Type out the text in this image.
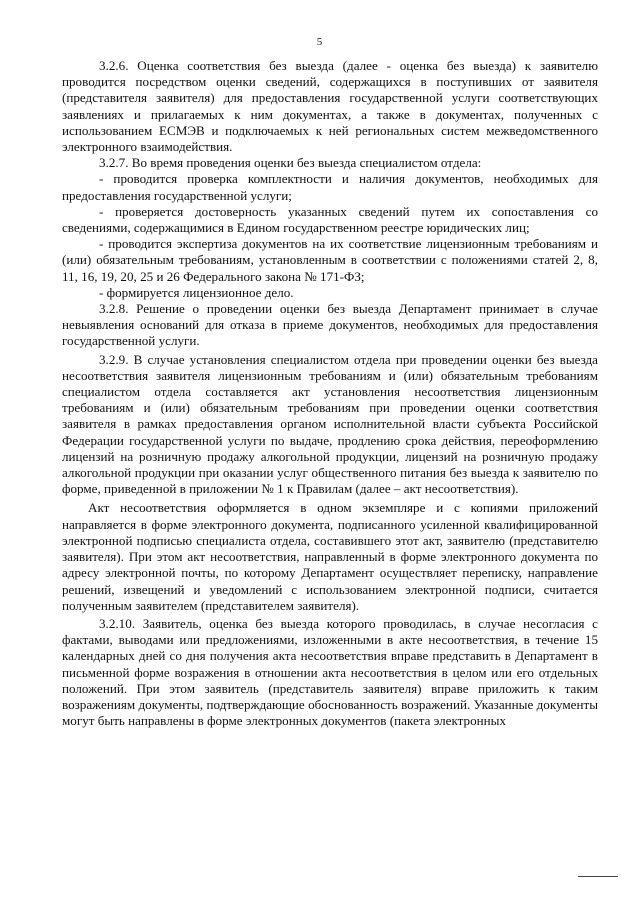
5

3.2.6. Оценка соответствия без выезда (далее - оценка без выезда) к заявителю проводится посредством оценки сведений, содержащихся в поступивших от заявителя (представителя заявителя) для предоставления государственной услуги соответствующих заявлениях и прилагаемых к ним документах, а также в документах, полученных с использованием ЕСМЭВ и подключаемых к ней региональных систем межведомственного электронного взаимодействия.

3.2.7. Во время проведения оценки без выезда специалистом отдела:

- проводится проверка комплектности и наличия документов, необходимых для предоставления государственной услуги;

- проверяется достоверность указанных сведений путем их сопоставления со сведениями, содержащимися в Едином государственном реестре юридических лиц;

- проводится экспертиза документов на их соответствие лицензионным требованиям и (или) обязательным требованиям, установленным в соответствии с положениями статей 2, 8, 11, 16, 19, 20, 25 и 26 Федерального закона № 171-ФЗ;

- формируется лицензионное дело.

3.2.8. Решение о проведении оценки без выезда Департамент принимает в случае невыявления оснований для отказа в приеме документов, необходимых для предоставления государственной услуги.

3.2.9. В случае установления специалистом отдела при проведении оценки без выезда несоответствия заявителя лицензионным требованиям и (или) обязательным требованиям специалистом отдела составляется акт установления несоответствия лицензионным требованиям и (или) обязательным требованиям при проведении оценки соответствия заявителя в рамках предоставления органом исполнительной власти субъекта Российской Федерации государственной услуги по выдаче, продлению срока действия, переоформлению лицензий на розничную продажу алкогольной продукции, лицензий на розничную продажу алкогольной продукции при оказании услуг общественного питания без выезда к заявителю по форме, приведенной в приложении № 1 к Правилам (далее – акт несоответствия).

Акт несоответствия оформляется в одном экземпляре и с копиями приложений направляется в форме электронного документа, подписанного усиленной квалифицированной электронной подписью специалиста отдела, составившего этот акт, заявителю (представителю заявителя). При этом акт несоответствия, направленный в форме электронного документа по адресу электронной почты, по которому Департамент осуществляет переписку, направление решений, извещений и уведомлений с использованием электронной подписи, считается полученным заявителем (представителем заявителя).

3.2.10. Заявитель, оценка без выезда которого проводилась, в случае несогласия с фактами, выводами или предложениями, изложенными в акте несоответствия, в течение 15 календарных дней со дня получения акта несоответствия вправе представить в Департамент в письменной форме возражения в отношении акта несоответствия в целом или его отдельных положений. При этом заявитель (представитель заявителя) вправе приложить к таким возражениям документы, подтверждающие обоснованность возражений. Указанные документы могут быть направлены в форме электронных документов (пакета электронных
